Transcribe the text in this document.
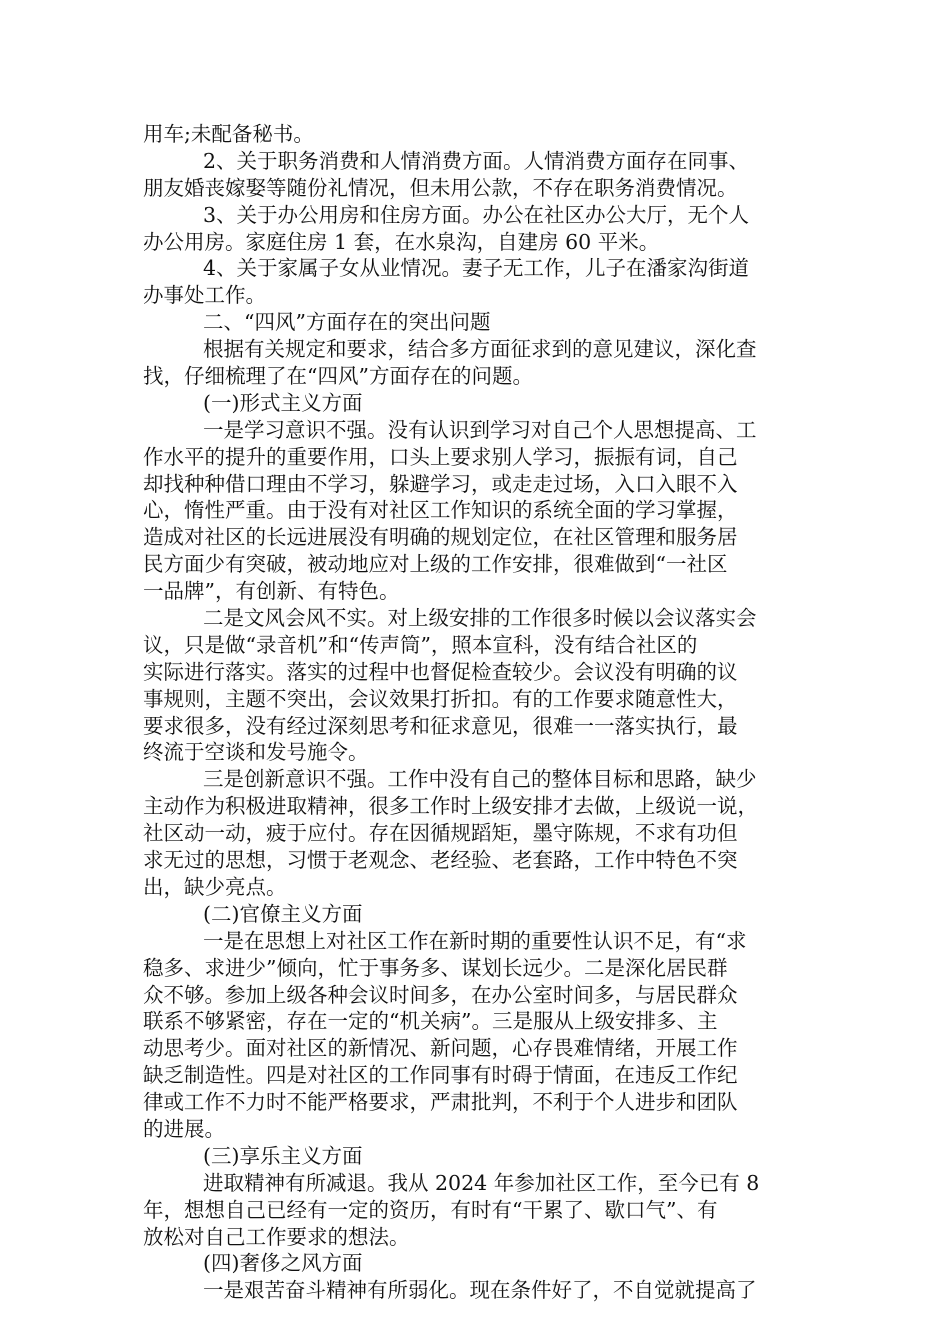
用车;未配备秘书。
2、关于职务消费和人情消费方面。人情消费方面存在同事、
朋友婚丧嫁娶等随份礼情况，但未用公款，不存在职务消费情况。
3、关于办公用房和住房方面。办公在社区办公大厅，无个人
办公用房。家庭住房 1 套，在水泉沟，自建房 60 平米。
4、关于家属子女从业情况。妻子无工作，儿子在潘家沟街道
办事处工作。
二、“四风”方面存在的突出问题
根据有关规定和要求，结合多方面征求到的意见建议，深化查
找，仔细梳理了在“四风”方面存在的问题。
(一)形式主义方面
一是学习意识不强。没有认识到学习对自己个人思想提高、工
作水平的提升的重要作用，口头上要求别人学习，振振有词，自己
却找种种借口理由不学习，躲避学习，或走走过场，入口入眼不入
心，惰性严重。由于没有对社区工作知识的系统全面的学习掌握，
造成对社区的长远进展没有明确的规划定位，在社区管理和服务居
民方面少有突破，被动地应对上级的工作安排，很难做到“一社区
一品牌”，有创新、有特色。
二是文风会风不实。对上级安排的工作很多时候以会议落实会
议，只是做“录音机”和“传声筒”，照本宣科，没有结合社区的
实际进行落实。落实的过程中也督促检查较少。会议没有明确的议
事规则，主题不突出，会议效果打折扣。有的工作要求随意性大，
要求很多，没有经过深刻思考和征求意见，很难一一落实执行，最
终流于空谈和发号施令。
三是创新意识不强。工作中没有自己的整体目标和思路，缺少
主动作为积极进取精神，很多工作时上级安排才去做，上级说一说，
社区动一动，疲于应付。存在因循规蹈矩，墨守陈规，不求有功但
求无过的思想，习惯于老观念、老经验、老套路，工作中特色不突
出，缺少亮点。
(二)官僚主义方面
一是在思想上对社区工作在新时期的重要性认识不足，有“求
稳多、求进少”倾向，忙于事务多、谋划长远少。二是深化居民群
众不够。参加上级各种会议时间多，在办公室时间多，与居民群众
联系不够紧密，存在一定的“机关病”。三是服从上级安排多、主
动思考少。面对社区的新情况、新问题，心存畏难情绪，开展工作
缺乏制造性。四是对社区的工作同事有时碍于情面，在违反工作纪
律或工作不力时不能严格要求，严肃批判，不利于个人进步和团队
的进展。
(三)享乐主义方面
进取精神有所减退。我从 2024 年参加社区工作，至今已有 8
年，想想自己已经有一定的资历，有时有“干累了、歇口气”、有
放松对自己工作要求的想法。
(四)奢侈之风方面
一是艰苦奋斗精神有所弱化。现在条件好了，不自觉就提高了
